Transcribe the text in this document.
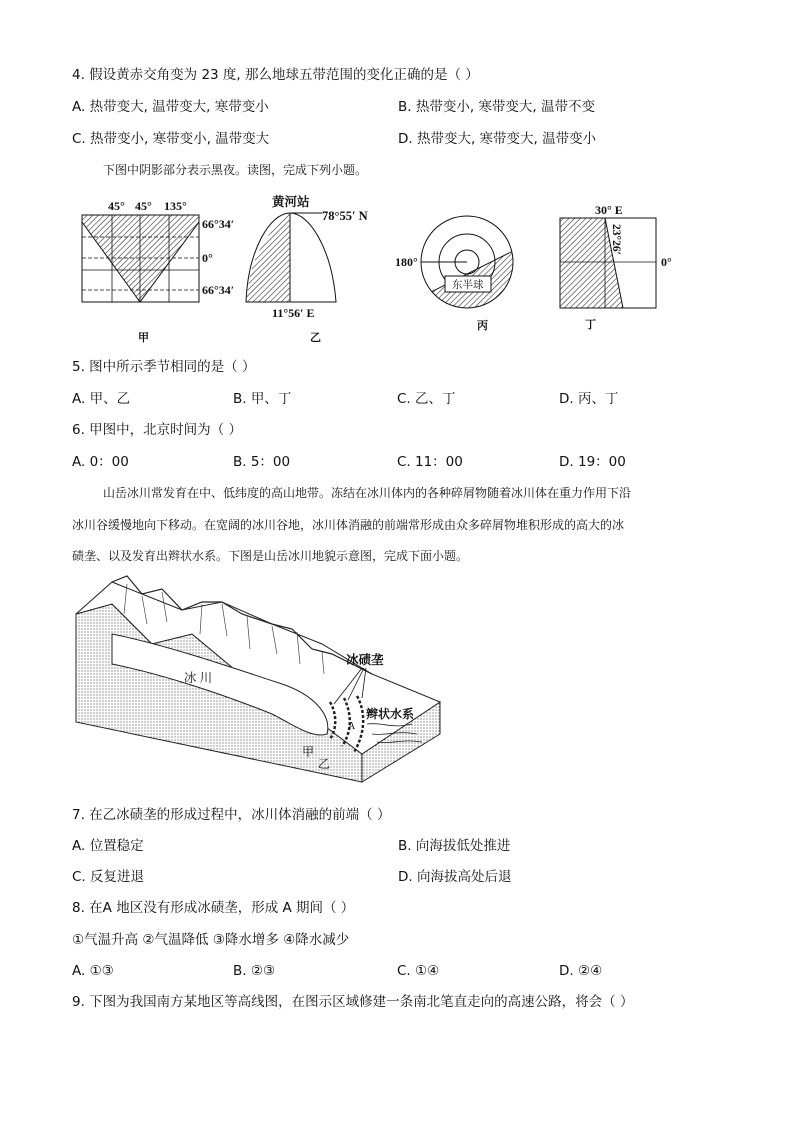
4. 假设黄赤交角变为 23 度, 那么地球五带范围的变化正确的是（ ）
A. 热带变大, 温带变大, 寒带变小	B. 热带变小, 寒带变大, 温带不变
C. 热带变小, 寒带变小, 温带变大	D. 热带变大, 寒带变大, 温带变小
下图中阴影部分表示黑夜。读图，完成下列小题。
45° 45° 135°
66°34′
0°
66°34′
甲
黄河站
78°55′ N
11°56′ E
乙
东半球
180°
丙
30° E
23°26′
0°
丁
5. 图中所示季节相同的是（ ）
A. 甲、乙	B. 甲、丁	C. 乙、丁	D. 丙、丁
6. 甲图中，北京时间为（ ）
A. 0：00	B. 5：00	C. 11：00	D. 19：00
山岳冰川常发育在中、低纬度的高山地带。冻结在冰川体内的各种碎屑物随着冰川体在重力作用下沿
冰川谷缓慢地向下移动。在宽阔的冰川谷地，冰川体消融的前端常形成由众多碎屑物堆积形成的高大的冰
碛垄、以及发育出辫状水系。下图是山岳冰川地貌示意图，完成下面小题。
冰碛垄
冰 川
辫状水系
A
甲
乙
7. 在乙冰碛垄的形成过程中，冰川体消融的前端（ ）
A. 位置稳定	B. 向海拔低处推进
C. 反复进退	D. 向海拔高处后退
8. 在A 地区没有形成冰碛垄，形成 A 期间（ ）
①气温升高 ②气温降低 ③降水增多 ④降水减少
A. ①③	B. ②③	C. ①④	D. ②④
9. 下图为我国南方某地区等高线图，在图示区域修建一条南北笔直走向的高速公路，将会（ ）
